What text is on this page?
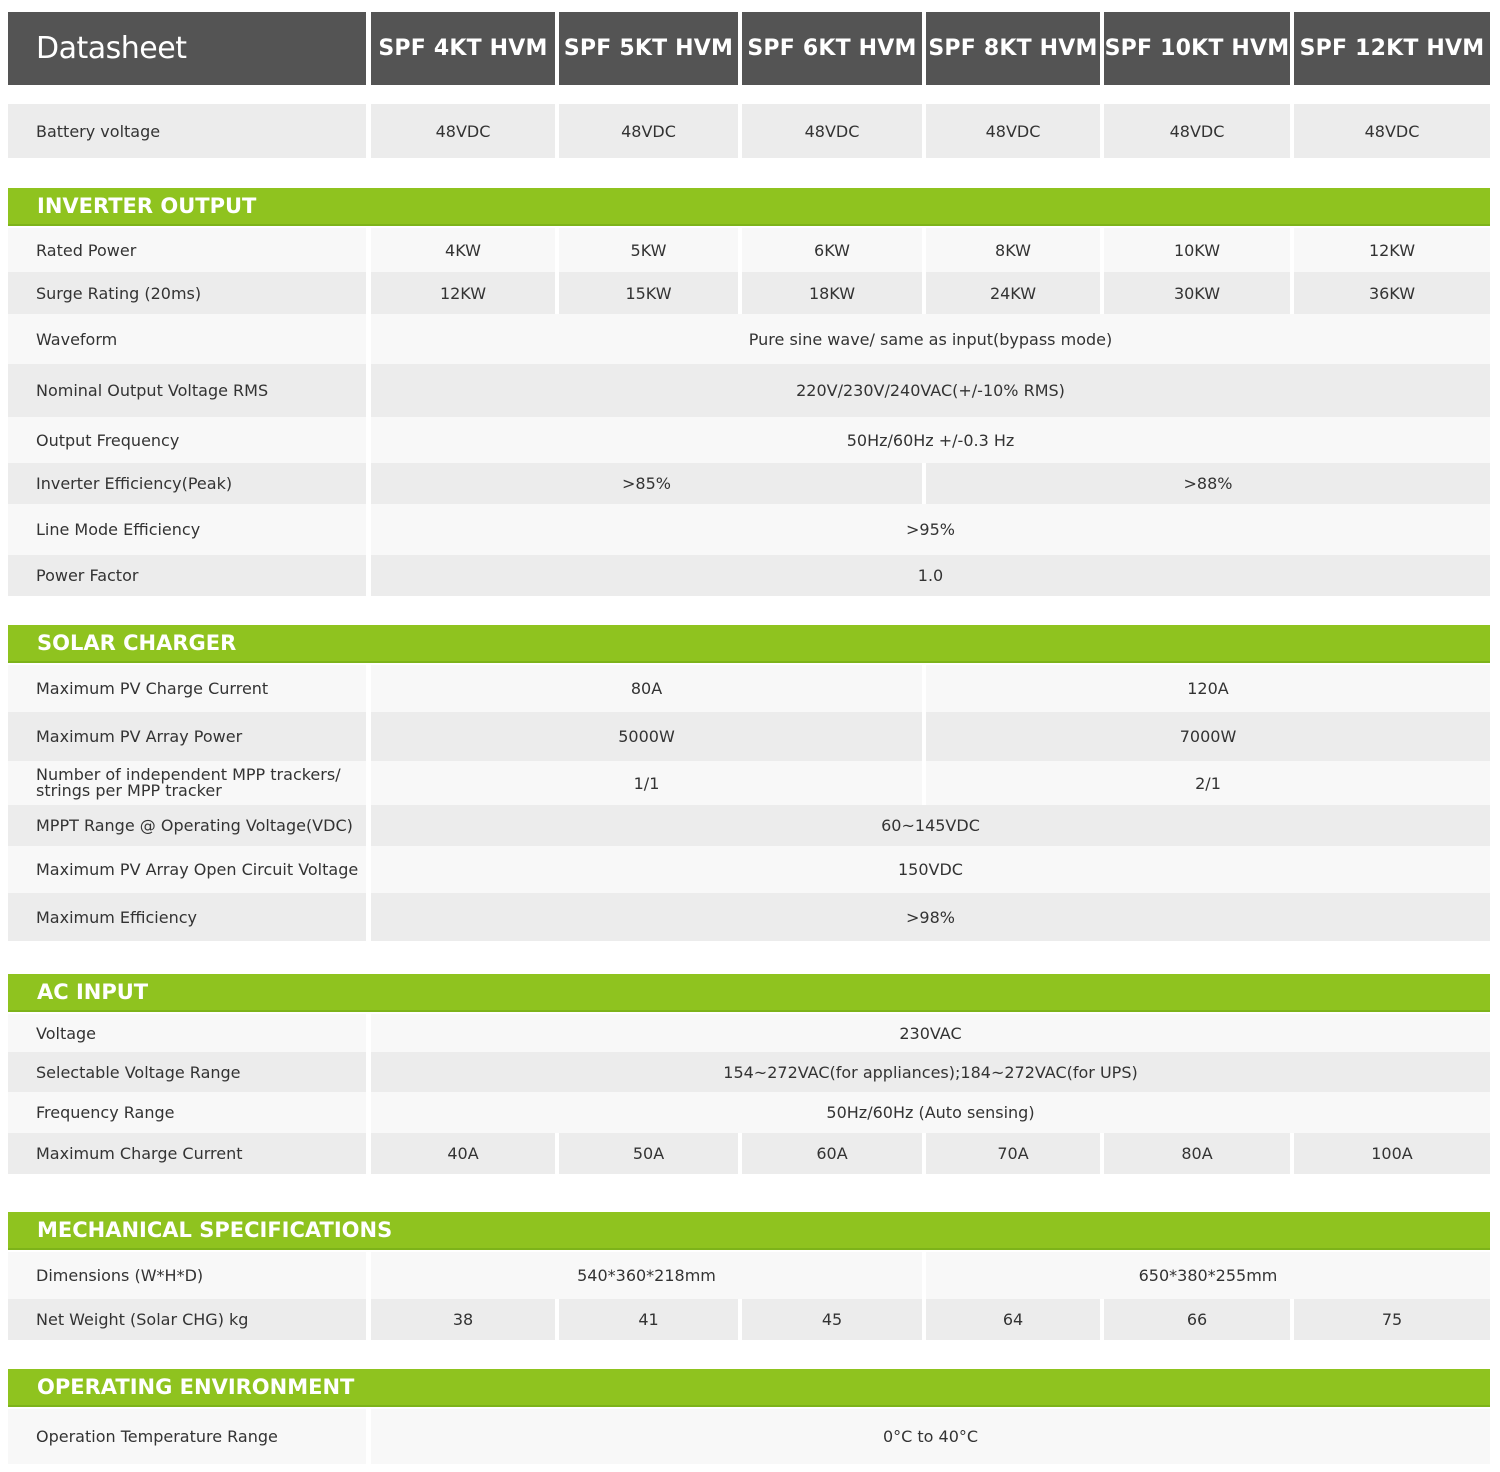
Datasheet	SPF 4KT HVM SPF 5KT HVM SPF 6KT HVM SPF 8KT HVM SPF 10KT HVM SPF 12KT HVM
Battery voltage	48VDC	48VDC	48VDC	48VDC	48VDC	48VDC
INVERTER OUTPUT
Rated Power	4KW	5KW	6KW	8KW	10KW	12KW
Surge Rating (20ms)	12KW	15KW	18KW	24KW	30KW	36KW
Waveform	Pure sine wave/ same as input(bypass mode)
Nominal Output Voltage RMS	220V/230V/240VAC(+/-10% RMS)
Output Frequency	50Hz/60Hz +/-0.3 Hz
Inverter Efficiency(Peak)	>85%	>88%
Line Mode Efficiency	>95%
Power Factor	1.0
SOLAR CHARGER
Maximum PV Charge Current	80A	120A
Maximum PV Array Power	5000W	7000W
Number of independent MPP trackers/ strings per MPP tracker	1/1	2/1
MPPT Range @ Operating Voltage(VDC)	60~145VDC
Maximum PV Array Open Circuit Voltage	150VDC
Maximum Efficiency	>98%
AC INPUT
Voltage	230VAC
Selectable Voltage Range	154~272VAC(for appliances);184~272VAC(for UPS)
Frequency Range	50Hz/60Hz (Auto sensing)
Maximum Charge Current	40A	50A	60A	70A	80A	100A
MECHANICAL SPECIFICATIONS
Dimensions (W*H*D)	540*360*218mm	650*380*255mm
Net Weight (Solar CHG) kg	38	41	45	64	66	75
OPERATING ENVIRONMENT
Operation Temperature Range	0°C to 40°C
